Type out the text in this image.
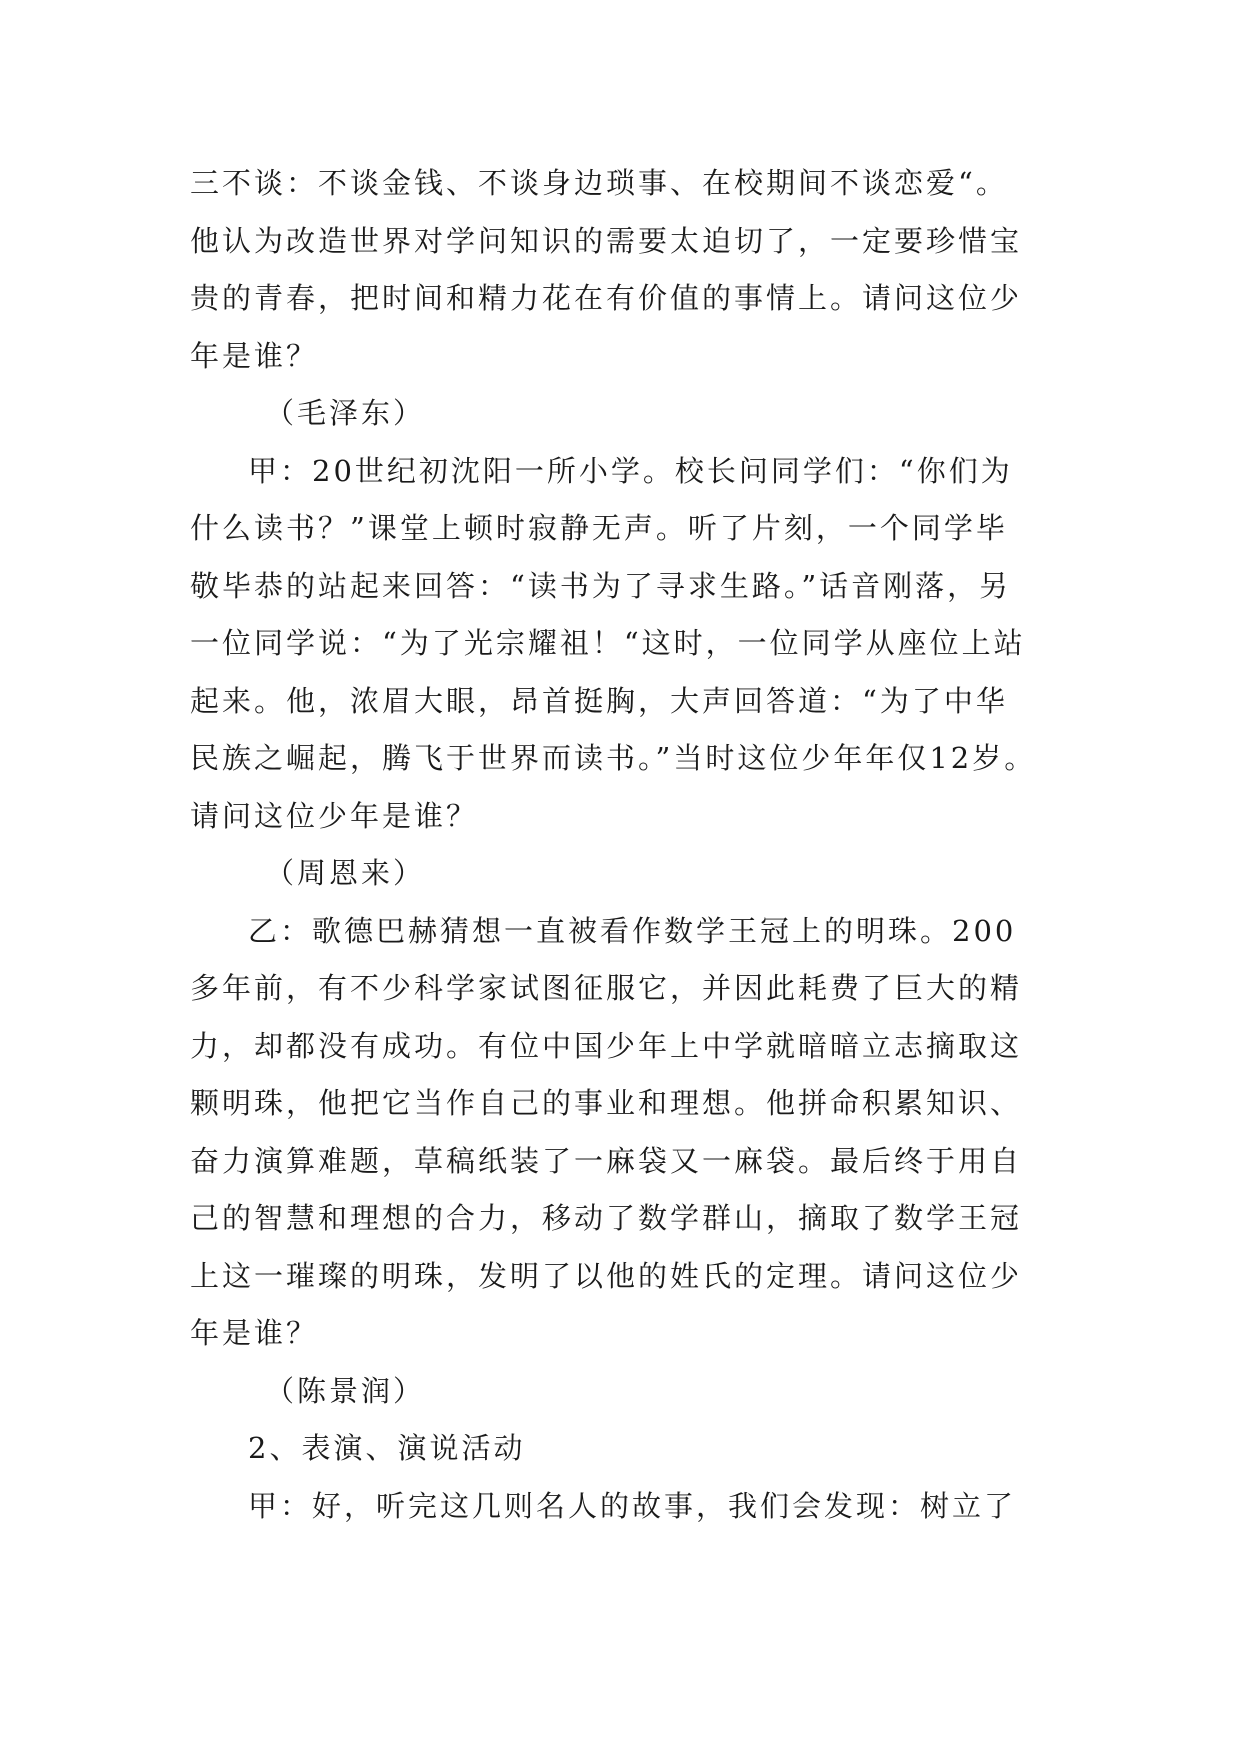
三不谈：不谈金钱、不谈身边琐事、在校期间不谈恋爱“。
他认为改造世界对学问知识的需要太迫切了，一定要珍惜宝
贵的青春，把时间和精力花在有价值的事情上。请问这位少
年是谁？
（毛泽东）
甲：20世纪初沈阳一所小学。校长问同学们：“你们为
什么读书？”课堂上顿时寂静无声。听了片刻，一个同学毕
敬毕恭的站起来回答：“读书为了寻求生路。”话音刚落，另
一位同学说：“为了光宗耀祖！“这时，一位同学从座位上站
起来。他，浓眉大眼，昂首挺胸，大声回答道：“为了中华
民族之崛起，腾飞于世界而读书。”当时这位少年年仅12岁。
请问这位少年是谁？
（周恩来）
乙：歌德巴赫猜想一直被看作数学王冠上的明珠。200
多年前，有不少科学家试图征服它，并因此耗费了巨大的精
力，却都没有成功。有位中国少年上中学就暗暗立志摘取这
颗明珠，他把它当作自己的事业和理想。他拼命积累知识、
奋力演算难题，草稿纸装了一麻袋又一麻袋。最后终于用自
己的智慧和理想的合力，移动了数学群山，摘取了数学王冠
上这一璀璨的明珠，发明了以他的姓氏的定理。请问这位少
年是谁？
（陈景润）
2、表演、演说活动
甲：好，听完这几则名人的故事，我们会发现：树立了
